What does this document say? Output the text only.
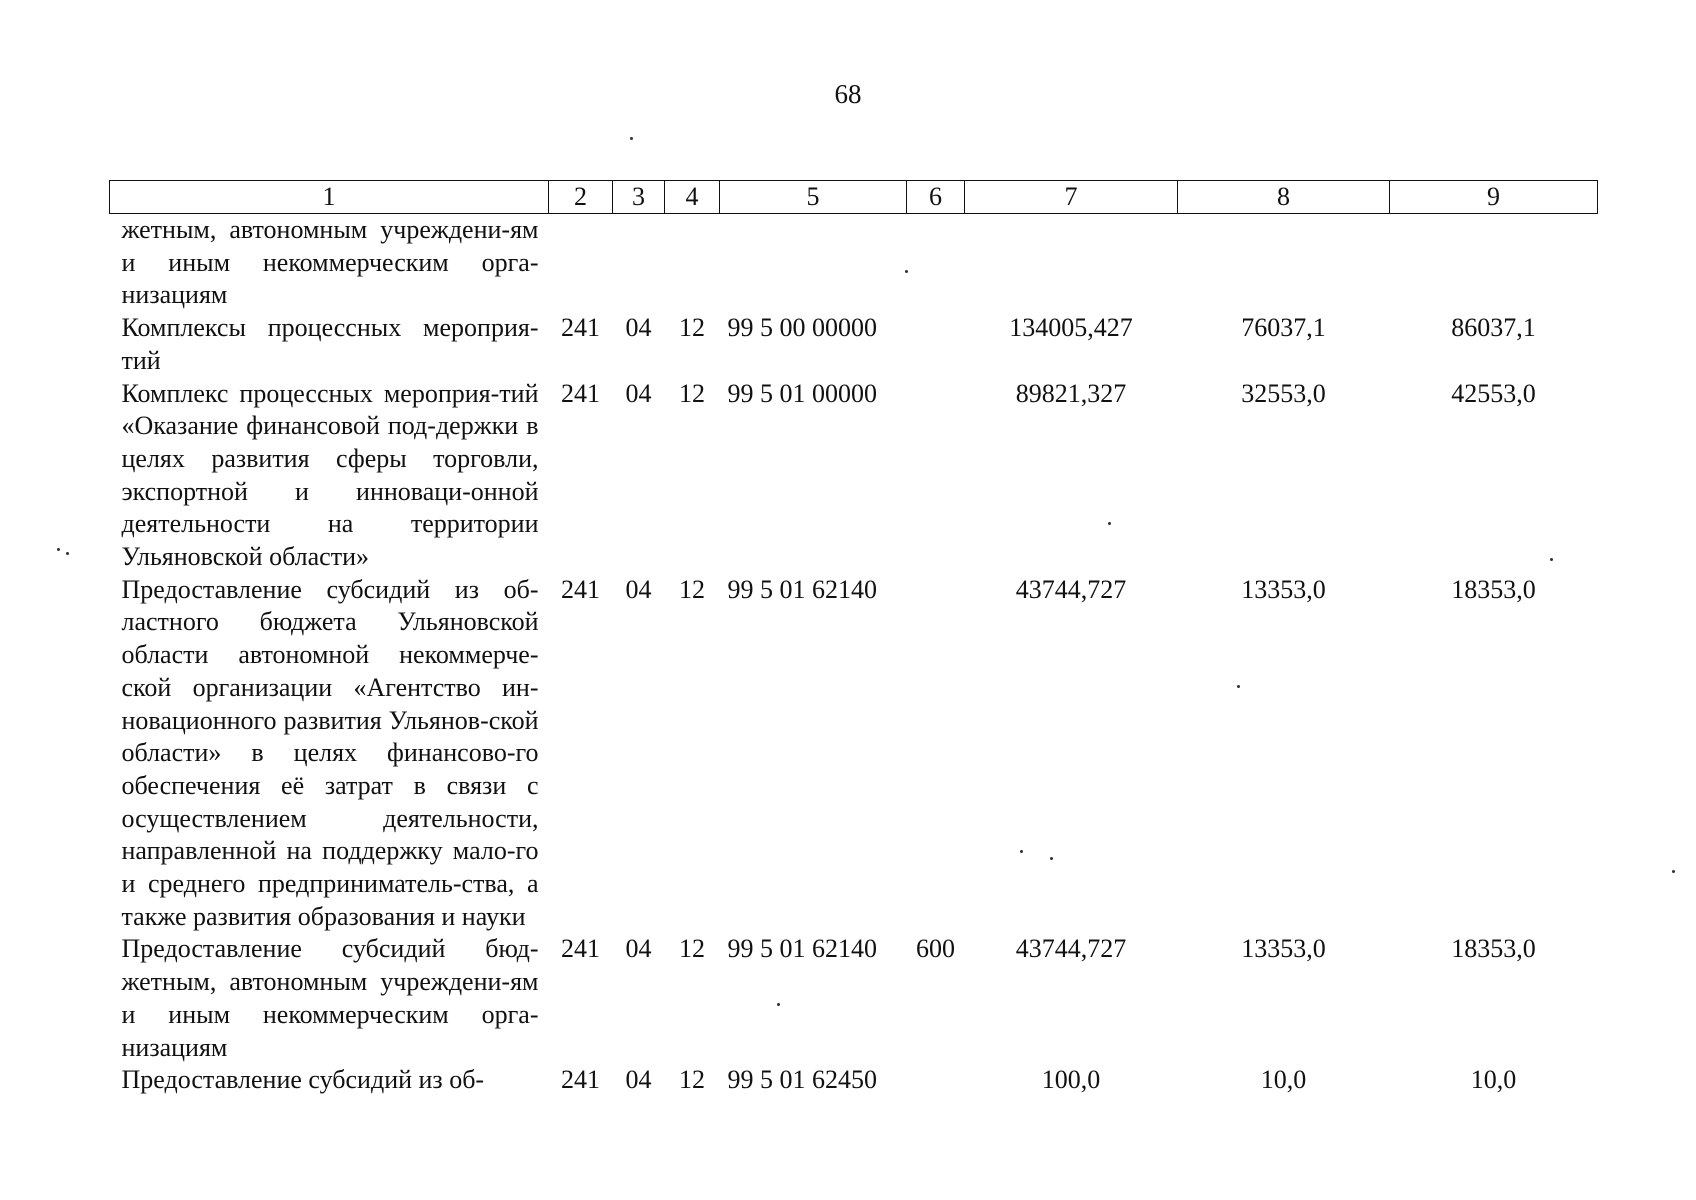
68
1	2	3	4	5	6	7	8	9
жетным, автономным учреждени-ям и иным некоммерческим орга-низациям								
Комплексы процессных мероприя-тий	241	04	12	99 5 00 00000		134005,427	76037,1	86037,1
Комплекс процессных мероприя-тий «Оказание финансовой под-держки в целях развития сферы торговли, экспортной и инноваци-онной деятельности на территории Ульяновской области»	241	04	12	99 5 01 00000		89821,327	32553,0	42553,0
Предоставление субсидий из об-ластного бюджета Ульяновской области автономной некоммерче-ской организации «Агентство ин-новационного развития Ульянов-ской области» в целях финансово-го обеспечения её затрат в связи с осуществлением деятельности, направленной на поддержку мало-го и среднего предприниматель-ства, а также развития образования и науки	241	04	12	99 5 01 62140		43744,727	13353,0	18353,0
Предоставление субсидий бюд-жетным, автономным учреждени-ям и иным некоммерческим орга-низациям	241	04	12	99 5 01 62140	600	43744,727	13353,0	18353,0
Предоставление субсидий из об-	241	04	12	99 5 01 62450		100,0	10,0	10,0
